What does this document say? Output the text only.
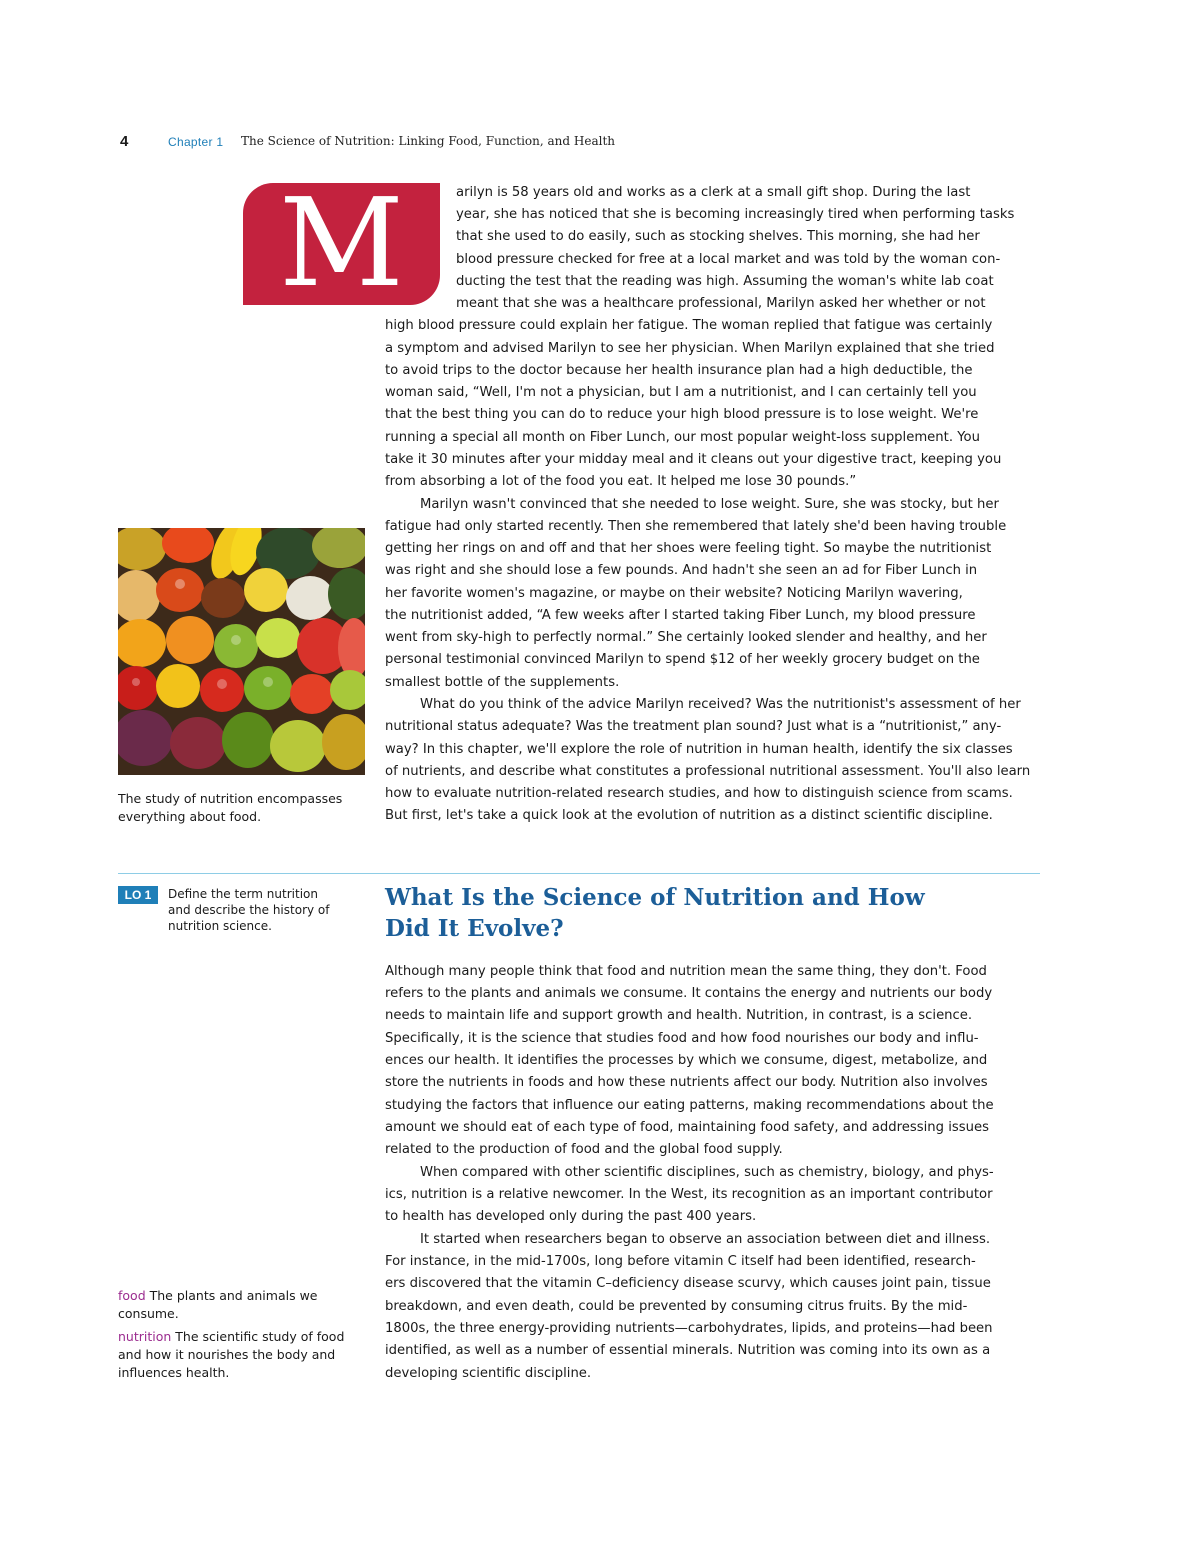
4	Chapter 1 The Science of Nutrition: Linking Food, Function, and Health
M	arilyn is 58 years old and works as a clerk at a small gift shop. During the last
year, she has noticed that she is becoming increasingly tired when performing tasks
that she used to do easily, such as stocking shelves. This morning, she had her
blood pressure checked for free at a local market and was told by the woman con-
ducting the test that the reading was high. Assuming the woman's white lab coat
meant that she was a healthcare professional, Marilyn asked her whether or not
high blood pressure could explain her fatigue. The woman replied that fatigue was certainly
a symptom and advised Marilyn to see her physician. When Marilyn explained that she tried
to avoid trips to the doctor because her health insurance plan had a high deductible, the
woman said, “Well, I'm not a physician, but I am a nutritionist, and I can certainly tell you
that the best thing you can do to reduce your high blood pressure is to lose weight. We're
running a special all month on Fiber Lunch, our most popular weight-loss supplement. You
take it 30 minutes after your midday meal and it cleans out your digestive tract, keeping you
from absorbing a lot of the food you eat. It helped me lose 30 pounds.”
Marilyn wasn't convinced that she needed to lose weight. Sure, she was stocky, but her
fatigue had only started recently. Then she remembered that lately she'd been having trouble
getting her rings on and off and that her shoes were feeling tight. So maybe the nutritionist
was right and she should lose a few pounds. And hadn't she seen an ad for Fiber Lunch in
her favorite women's magazine, or maybe on their website? Noticing Marilyn wavering,
the nutritionist added, “A few weeks after I started taking Fiber Lunch, my blood pressure
went from sky-high to perfectly normal.” She certainly looked slender and healthy, and her
personal testimonial convinced Marilyn to spend $12 of her weekly grocery budget on the
smallest bottle of the supplements.
What do you think of the advice Marilyn received? Was the nutritionist's assessment of her
nutritional status adequate? Was the treatment plan sound? Just what is a “nutritionist,” any-
way? In this chapter, we'll explore the role of nutrition in human health, identify the six classes
of nutrients, and describe what constitutes a professional nutritional assessment. You'll also learn
how to evaluate nutrition-related research studies, and how to distinguish science from scams.
But first, let's take a quick look at the evolution of nutrition as a distinct scientific discipline.
The study of nutrition encompasses
everything about food.
LO 1	Define the term nutrition
and describe the history of
nutrition science.
What Is the Science of Nutrition and How
Did It Evolve?
Although many people think that food and nutrition mean the same thing, they don't. Food
refers to the plants and animals we consume. It contains the energy and nutrients our body
needs to maintain life and support growth and health. Nutrition, in contrast, is a science.
Specifically, it is the science that studies food and how food nourishes our body and influ-
ences our health. It identifies the processes by which we consume, digest, metabolize, and
store the nutrients in foods and how these nutrients affect our body. Nutrition also involves
studying the factors that influence our eating patterns, making recommendations about the
amount we should eat of each type of food, maintaining food safety, and addressing issues
related to the production of food and the global food supply.
When compared with other scientific disciplines, such as chemistry, biology, and phys-
ics, nutrition is a relative newcomer. In the West, its recognition as an important contributor
to health has developed only during the past 400 years.
It started when researchers began to observe an association between diet and illness.
For instance, in the mid-1700s, long before vitamin C itself had been identified, research-
ers discovered that the vitamin C–deficiency disease scurvy, which causes joint pain, tissue
breakdown, and even death, could be prevented by consuming citrus fruits. By the mid-
1800s, the three energy-providing nutrients—carbohydrates, lipids, and proteins—had been
identified, as well as a number of essential minerals. Nutrition was coming into its own as a
developing scientific discipline.
food The plants and animals we consume.
nutrition The scientific study of food and how it nourishes the body and influences health.
